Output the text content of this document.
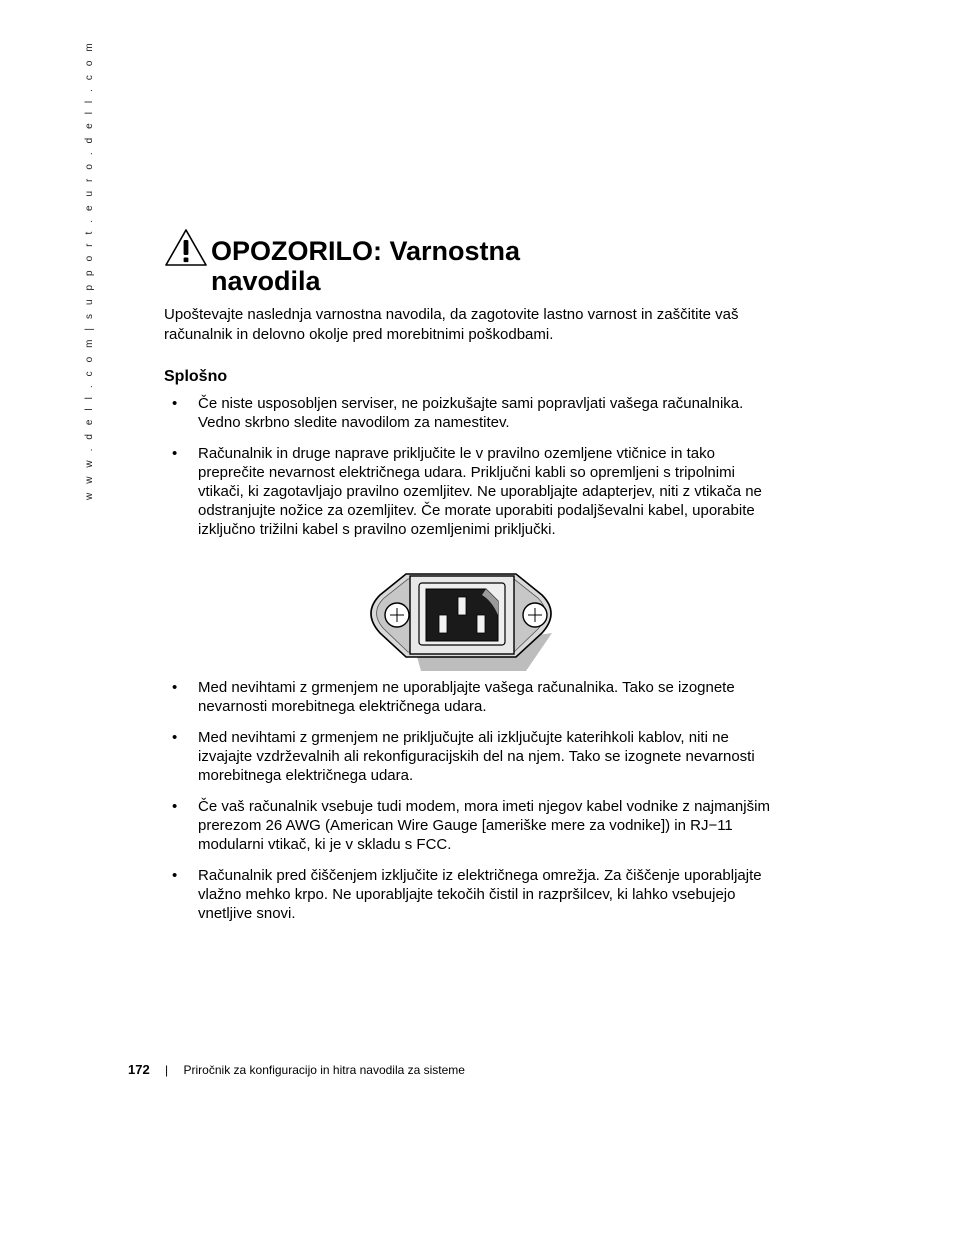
w w w . d e l l . c o m | s u p p o r t . e u r o . d e l l . c o m	OPOZORILO: Varnostna
navodila

Upoštevajte naslednja varnostna navodila, da zagotovite lastno varnost in zaščitite vaš računalnik in delovno okolje pred morebitnimi poškodbami.

Splošno
• Če niste usposobljen serviser, ne poizkušajte sami popravljati vašega računalnika. Vedno skrbno sledite navodilom za namestitev.
• Računalnik in druge naprave priključite le v pravilno ozemljene vtičnice in tako preprečite nevarnost električnega udara. Priključni kabli so opremljeni s tripolnimi vtikači, ki zagotavljajo pravilno ozemljitev. Ne uporabljajte adapterjev, niti z vtikača ne odstranjujte nožice za ozemljitev. Če morate uporabiti podaljševalni kabel, uporabite izključno trižilni kabel s pravilno ozemljenimi priključki.
• Med nevihtami z grmenjem ne uporabljajte vašega računalnika. Tako se izognete nevarnosti morebitnega električnega udara.
• Med nevihtami z grmenjem ne priključujte ali izključujte katerihkoli kablov, niti ne izvajajte vzdrževalnih ali rekonfiguracijskih del na njem. Tako se izognete nevarnosti morebitnega električnega udara.
• Če vaš računalnik vsebuje tudi modem, mora imeti njegov kabel vodnike z najmanjšim prerezom 26 AWG (American Wire Gauge [ameriške mere za vodnike]) in RJ−11 modularni vtikač, ki je v skladu s FCC.
• Računalnik pred čiščenjem izključite iz električnega omrežja. Za čiščenje uporabljajte vlažno mehko krpo. Ne uporabljajte tekočih čistil in razpršilcev, ki lahko vsebujejo vnetljive snovi.
172 | Priročnik za konfiguracijo in hitra navodila za sisteme
